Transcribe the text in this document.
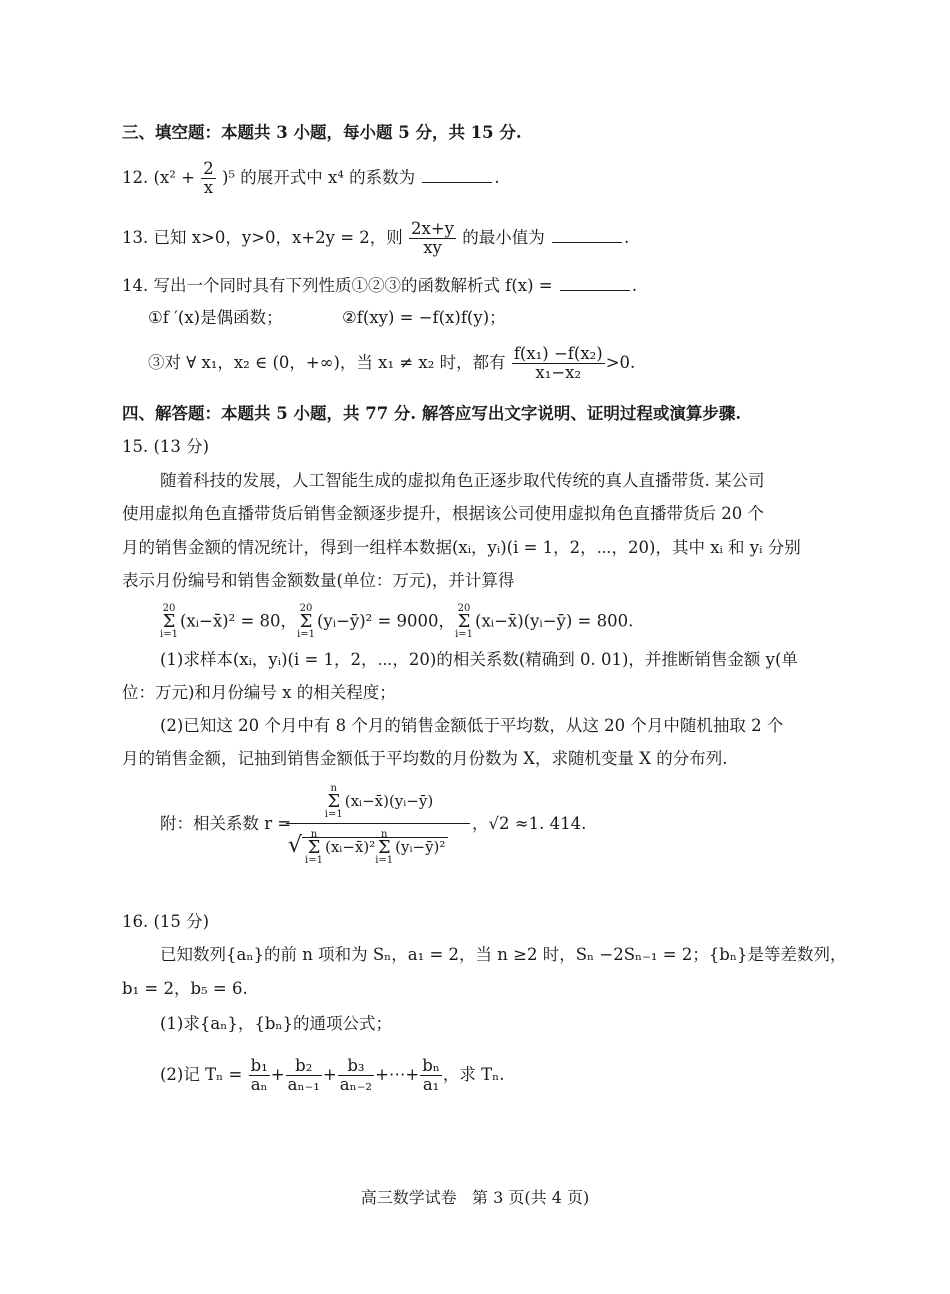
三、填空题：本题共 3 小题，每小题 5 分，共 15 分.
12. $(x^2 + \frac{2}{x} )^5$ 的展开式中 x⁴ 的系数为	.
13. 已知 x>0，y>0，x+2y = 2，则 $\frac{2x+y}{xy}$ 的最小值为	.
14. 写出一个同时具有下列性质①②③的函数解析式 f(x) =	.
①f ′(x)是偶函数；	②f(xy) = −f(x)f(y)；
③对 ∀ x₁，x₂ ∈ (0，+∞)，当 x₁ ≠ x₂ 时，都有 $\frac{\text{f(x₁) −f(x₂)}}{\text{x₁−x₂}} >0$.
四、解答题：本题共 5 小题，共 77 分. 解答应写出文字说明、证明过程或演算步骤.
15. (13 分)
随着科技的发展，人工智能生成的虚拟角色正逐步取代传统的真人直播带货. 某公司
使用虚拟角色直播带货后销售金额逐步提升，根据该公司使用虚拟角色直播带货后 20 个
月的销售金额的情况统计，得到一组样本数据(xᵢ，yᵢ)(i = 1，2，⋯，20)，其中 xᵢ 和 yᵢ 分别
表示月份编号和销售金额数量(单位：万元)，并计算得
20
Σ
i=1(xᵢ−x̄)² = 80，20
Σ
i=1(yᵢ−ȳ)² = 9000，20
Σ
i=1(xᵢ−x̄)(yᵢ−ȳ) = 800.
(1)求样本(xᵢ，yᵢ)(i = 1，2，⋯，20)的相关系数(精确到 0. 01)，并推断销售金额 y(单
位：万元)和月份编号 x 的相关程度；
(2)已知这 20 个月中有 8 个月的销售金额低于平均数，从这 20 个月中随机抽取 2 个
月的销售金额，记抽到销售金额低于平均数的月份数为 X，求随机变量 X 的分布列.
附：相关系数 r =
n
Σ
i=1(xᵢ−x̄)(yᵢ−ȳ)
√ n
Σ
i=1(xᵢ−x̄)²n
Σ
i=1(yᵢ−ȳ)²
，√2 ≈1. 414.
16. (15 分)
已知数列{aₙ}的前 n 项和为 Sₙ，a₁ = 2，当 n ≥2 时，Sₙ −2Sₙ₋₁ = 2；{bₙ}是等差数列，
b₁ = 2，b₅ = 6.
(1)求{aₙ}，{bₙ}的通项公式；
(2)记 $T_n = \frac{\text{b₁}}{\text{aₙ}} + \frac{\text{b₂}}{\text{aₙ₋₁}} + \frac{\text{b₃}}{\text{aₙ₋₂}}$ +⋯+ $\frac{\text{bₙ}}{\text{a₁}}$ ，求 Tₙ.
高三数学试卷   第 3 页(共 4 页)
